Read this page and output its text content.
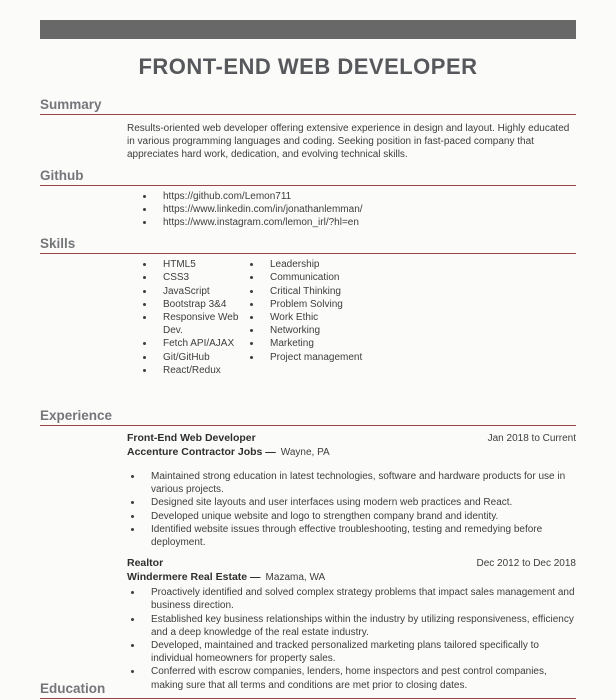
FRONT-END WEB DEVELOPER
Summary
Results-oriented web developer offering extensive experience in design and layout. Highly educated in various programming languages and coding. Seeking position in fast-paced company that appreciates hard work, dedication, and evolving technical skills.
Github
• https://github.com/Lemon711
• https://www.linkedin.com/in/jonathanlemman/
• https://www.instagram.com/lemon_irl/?hl=en
Skills
• HTML5
• CSS3
• JavaScript
• Bootstrap 3&4
• Responsive Web Dev.
• Fetch API/AJAX
• Git/GitHub
• React/Redux
• Leadership
• Communication
• Critical Thinking
• Problem Solving
• Work Ethic
• Networking
• Marketing
• Project management
Experience
Front-End Web Developer	Jan 2018 to Current
Accenture Contractor Jobs — Wayne, PA
• Maintained strong education in latest technologies, software and hardware products for use in various projects.
• Designed site layouts and user interfaces using modern web practices and React.
• Developed unique website and logo to strengthen company brand and identity.
• Identified website issues through effective troubleshooting, testing and remedying before deployment.
Realtor	Dec 2012 to Dec 2018
Windermere Real Estate — Mazama, WA
• Proactively identified and solved complex strategy problems that impact sales management and business direction.
• Established key business relationships within the industry by utilizing responsiveness, efficiency and a deep knowledge of the real estate industry.
• Developed, maintained and tracked personalized marketing plans tailored specifically to individual homeowners for property sales.
• Conferred with escrow companies, lenders, home inspectors and pest control companies, making sure that all terms and conditions are met prior to closing dates.
Education
